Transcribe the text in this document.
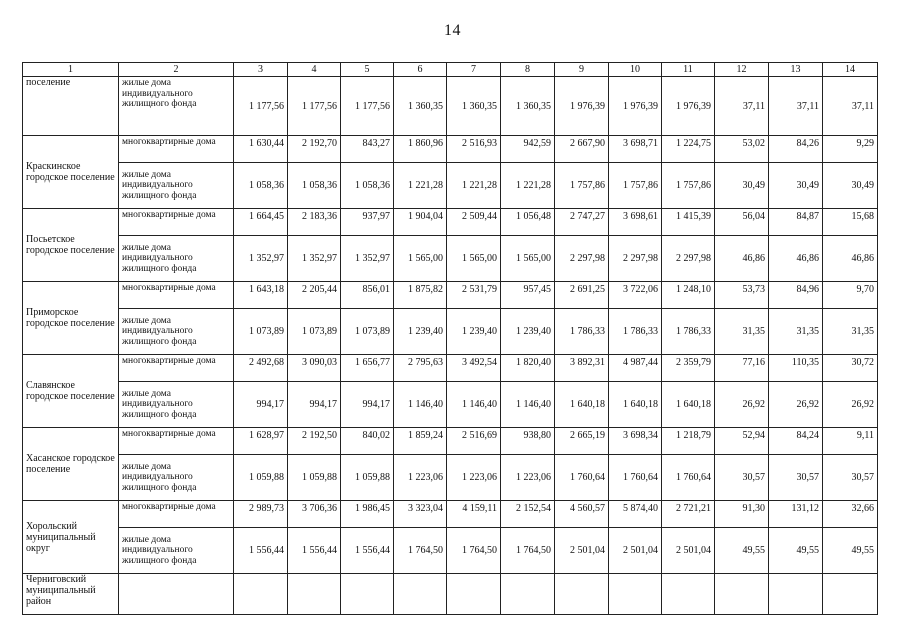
14
1	2	3	4	5	6	7	8	9	10	11	12	13	14
поселение	жилые дома индивидуального жилищного фонда	1 177,56	1 177,56	1 177,56	1 360,35	1 360,35	1 360,35	1 976,39	1 976,39	1 976,39	37,11	37,11	37,11
Краскинское городское поселение	многоквартирные дома	1 630,44	2 192,70	843,27	1 860,96	2 516,93	942,59	2 667,90	3 698,71	1 224,75	53,02	84,26	9,29
	жилые дома индивидуального жилищного фонда	1 058,36	1 058,36	1 058,36	1 221,28	1 221,28	1 221,28	1 757,86	1 757,86	1 757,86	30,49	30,49	30,49
Посьетское городское поселение	многоквартирные дома	1 664,45	2 183,36	937,97	1 904,04	2 509,44	1 056,48	2 747,27	3 698,61	1 415,39	56,04	84,87	15,68
	жилые дома индивидуального жилищного фонда	1 352,97	1 352,97	1 352,97	1 565,00	1 565,00	1 565,00	2 297,98	2 297,98	2 297,98	46,86	46,86	46,86
Приморское городское поселение	многоквартирные дома	1 643,18	2 205,44	856,01	1 875,82	2 531,79	957,45	2 691,25	3 722,06	1 248,10	53,73	84,96	9,70
	жилые дома индивидуального жилищного фонда	1 073,89	1 073,89	1 073,89	1 239,40	1 239,40	1 239,40	1 786,33	1 786,33	1 786,33	31,35	31,35	31,35
Славянское городское поселение	многоквартирные дома	2 492,68	3 090,03	1 656,77	2 795,63	3 492,54	1 820,40	3 892,31	4 987,44	2 359,79	77,16	110,35	30,72
	жилые дома индивидуального жилищного фонда	994,17	994,17	994,17	1 146,40	1 146,40	1 146,40	1 640,18	1 640,18	1 640,18	26,92	26,92	26,92
Хасанское городское поселение	многоквартирные дома	1 628,97	2 192,50	840,02	1 859,24	2 516,69	938,80	2 665,19	3 698,34	1 218,79	52,94	84,24	9,11
	жилые дома индивидуального жилищного фонда	1 059,88	1 059,88	1 059,88	1 223,06	1 223,06	1 223,06	1 760,64	1 760,64	1 760,64	30,57	30,57	30,57
Хорольский муниципальный округ	многоквартирные дома	2 989,73	3 706,36	1 986,45	3 323,04	4 159,11	2 152,54	4 560,57	5 874,40	2 721,21	91,30	131,12	32,66
	жилые дома индивидуального жилищного фонда	1 556,44	1 556,44	1 556,44	1 764,50	1 764,50	1 764,50	2 501,04	2 501,04	2 501,04	49,55	49,55	49,55
Черниговский муниципальный район													
